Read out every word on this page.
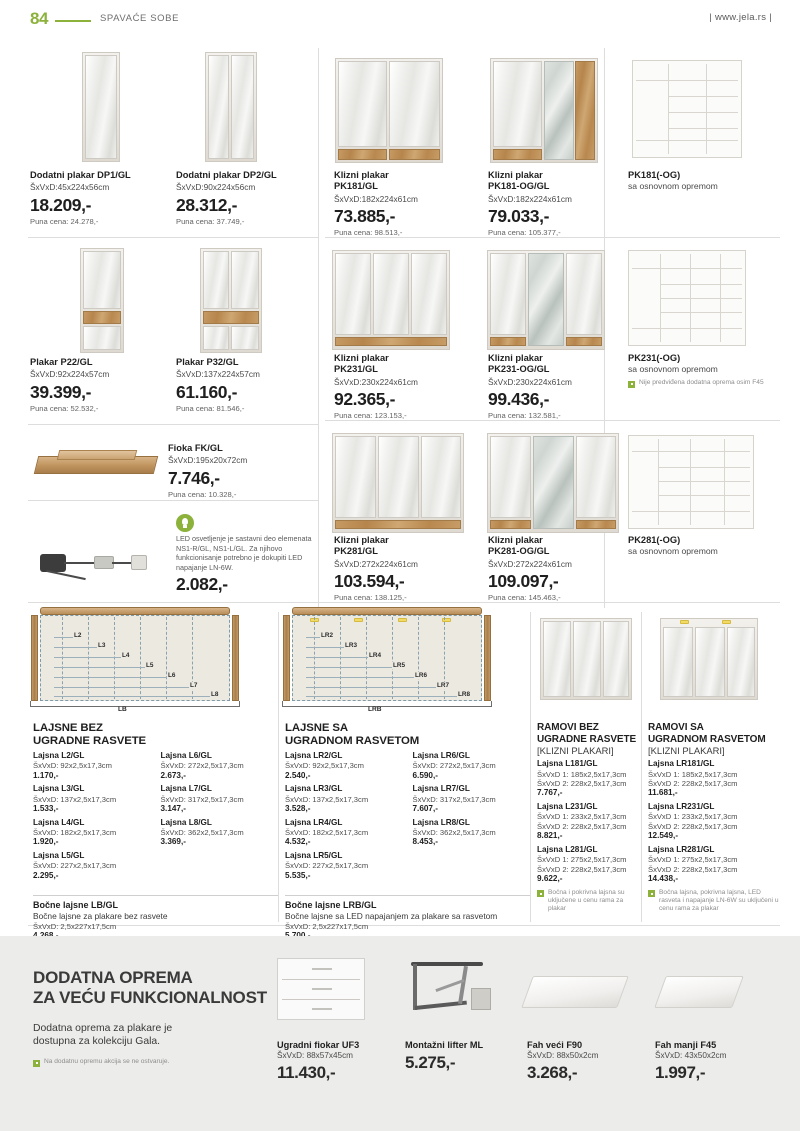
84	SPAVAĆE SOBE	| www.jela.rs |
Dodatni plakar DP1/GL
ŠxVxD:45x224x56cm
18.209,-
Puna cena: 24.278,-
Dodatni plakar DP2/GL
ŠxVxD:90x224x56cm
28.312,-
Puna cena: 37.749,-
Klizni plakar
PK181/GL
ŠxVxD:182x224x61cm
73.885,-
Puna cena: 98.513,-
Klizni plakar
PK181-OG/GL
ŠxVxD:182x224x61cm
79.033,-
Puna cena: 105.377,-
PK181(-OG)
sa osnovnom opremom
Plakar P22/GL
ŠxVxD:92x224x57cm
39.399,-
Puna cena: 52.532,-
Plakar P32/GL
ŠxVxD:137x224x57cm
61.160,-
Puna cena: 81.546,-
Klizni plakar
PK231/GL
ŠxVxD:230x224x61cm
92.365,-
Puna cena: 123.153,-
Klizni plakar
PK231-OG/GL
ŠxVxD:230x224x61cm
99.436,-
Puna cena: 132.581,-
PK231(-OG)
sa osnovnom opremom
Nije predviđena dodatna oprema osim F45
Fioka FK/GL
ŠxVxD:195x20x72cm
7.746,-
Puna cena: 10.328,-
LED osvetljenje je sastavni deo elemenata NS1-R/GL, NS1-L/GL. Za njihovo funkcionisanje potrebno je dokupiti LED napajanje LN-6W.
2.082,-
Klizni plakar
PK281/GL
ŠxVxD:272x224x61cm
103.594,-
Puna cena: 138.125,-
Klizni plakar
PK281-OG/GL
ŠxVxD:272x224x61cm
109.097,-
Puna cena: 145.463,-
PK281(-OG)
sa osnovnom opremom
L2
L3
L4
L5
L6
L7
L8
LB
LR2
LR3
LR4
LR5
LR6
LR7
LR8
LRB
LAJSNE BEZ
UGRADNE RASVETE
Lajsna L2/GL
ŠxVxD: 92x2,5x17,3cm
1.170,-
Lajsna L3/GL
ŠxVxD: 137x2,5x17,3cm
1.533,-
Lajsna L4/GL
ŠxVxD: 182x2,5x17,3cm
1.920,-
Lajsna L5/GL
ŠxVxD: 227x2,5x17,3cm
2.295,-
Lajsna L6/GL
ŠxVxD: 272x2,5x17,3cm
2.673,-
Lajsna L7/GL
ŠxVxD: 317x2,5x17,3cm
3.147,-
Lajsna L8/GL
ŠxVxD: 362x2,5x17,3cm
3.369,-
Bočne lajsne LB/GL
Bočne lajsne za plakare bez rasvete
ŠxVxD: 2,5x227x17,5cm
LAJSNE SA
UGRADNOM RASVETOM
Lajsna LR2/GL
ŠxVxD: 92x2,5x17,3cm
2.540,-
Lajsna LR3/GL
ŠxVxD: 137x2,5x17,3cm
3.528,-
Lajsna LR4/GL
ŠxVxD: 182x2,5x17,3cm
4.532,-
Lajsna LR5/GL
ŠxVxD: 227x2,5x17,3cm
5.535,-
Lajsna LR6/GL
ŠxVxD: 272x2,5x17,3cm
6.590,-
Lajsna LR7/GL
ŠxVxD: 317x2,5x17,3cm
7.607,-
Lajsna LR8/GL
ŠxVxD: 362x2,5x17,3cm
8.453,-
Bočne lajsne LRB/GL
Bočne lajsne sa LED napajanjem za plakare sa rasvetom
ŠxVxD: 2,5x227x17,5cm
RAMOVI BEZ
UGRADNE RASVETE
[KLIZNI PLAKARI]
Lajsna L181/GL
ŠxVxD 1: 185x2,5x17,3cm
ŠxVxD 2: 228x2,5x17,3cm
7.767,-
Lajsna L231/GL
ŠxVxD 1: 233x2,5x17,3cm
ŠxVxD 2: 228x2,5x17,3cm
8.821,-
Lajsna L281/GL
ŠxVxD 1: 275x2,5x17,3cm
ŠxVxD 2: 228x2,5x17,3cm
9.622,-
Bočna i pokrivna lajsna su uključene u cenu rama za plakar
RAMOVI SA
UGRADNOM RASVETOM
[KLIZNI PLAKARI]
Lajsna LR181/GL
ŠxVxD 1: 185x2,5x17,3cm
ŠxVxD 2: 228x2,5x17,3cm
11.681,-
Lajsna LR231/GL
ŠxVxD 1: 233x2,5x17,3cm
ŠxVxD 2: 228x2,5x17,3cm
12.549,-
Lajsna LR281/GL
ŠxVxD 1: 275x2,5x17,3cm
ŠxVxD 2: 228x2,5x17,3cm
14.438,-
Bočna lajsna, pokrivna lajsna, LED rasveta i napajanje LN-6W su uključeni u cenu rama za plakar
DODATNA OPREMA
ZA VEĆU FUNKCIONALNOST
Dodatna oprema za plakare je
dostupna za kolekciju Gala.
Na dodatnu opremu akcija se ne ostvaruje.
Ugradni fiokar UF3
ŠxVxD: 88x57x45cm
11.430,-
Montažni lifter ML
5.275,-
Fah veći F90
ŠxVxD: 88x50x2cm
3.268,-
Fah manji F45
ŠxVxD: 43x50x2cm
1.997,-
